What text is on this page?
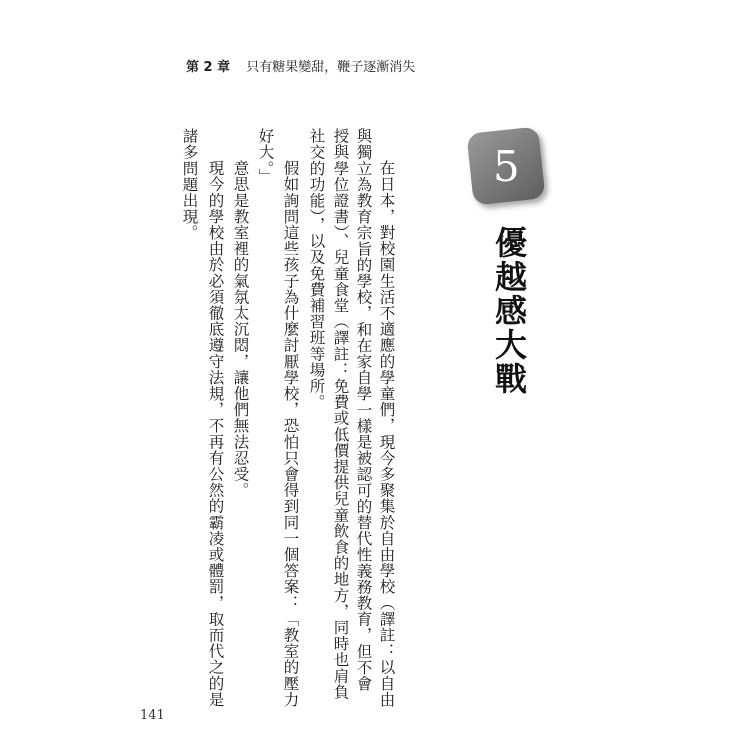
第 2 章 只有糖果變甜，鞭子逐漸消失
5
優越感大戰
在日本，對校園生活不適應的學童們，現今多聚集於自由學校（譯註：以自由
與獨立為教育宗旨的學校，和在家自學一樣是被認可的替代性義務教育，但不會
授與學位證書）、兒童食堂（譯註：免費或低價提供兒童飲食的地方，同時也肩負
社交的功能），以及免費補習班等場所。
假如詢問這些孩子為什麼討厭學校，恐怕只會得到同一個答案：「教室的壓力
好大。」
意思是教室裡的氣氛太沉悶，讓他們無法忍受。
現今的學校由於必須徹底遵守法規，不再有公然的霸凌或體罰，取而代之的是
諸多問題出現。
141
